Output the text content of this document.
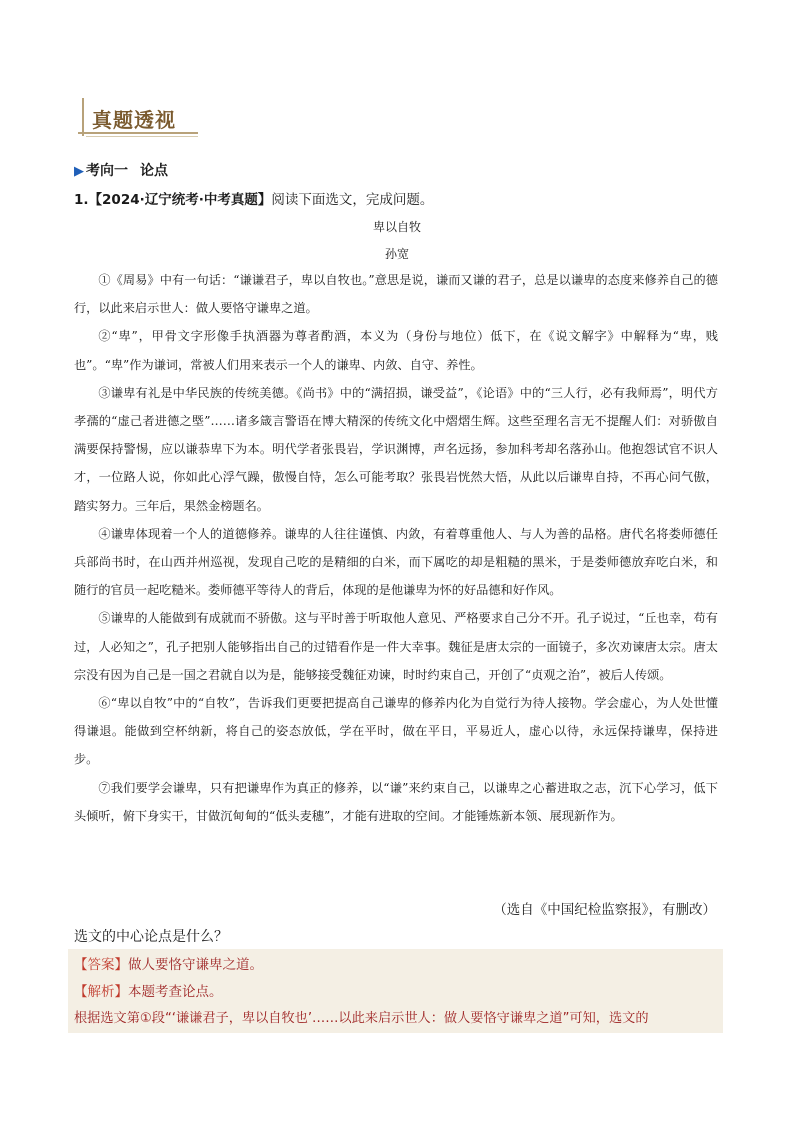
真题透视
▶ 考向一 论点
1.【2024·辽宁统考·中考真题】阅读下面选文，完成问题。
卑以自牧
孙宽

①《周易》中有一句话：“谦谦君子，卑以自牧也。”意思是说，谦而又谦的君子，总是以谦卑的态度来修养自己的德行，以此来启示世人：做人要恪守谦卑之道。

②“卑”，甲骨文字形像手执酒器为尊者酌酒，本义为（身份与地位）低下，在《说文解字》中解释为“卑，贱也”。“卑”作为谦词，常被人们用来表示一个人的谦卑、内敛、自守、养性。

③谦卑有礼是中华民族的传统美德。《尚书》中的“满招损，谦受益”，《论语》中的“三人行，必有我师焉”，明代方孝孺的“虚己者进德之塈”……诸多箴言警语在博大精深的传统文化中熠熠生辉。这些至理名言无不提醒人们：对骄傲自满要保持警惕，应以谦恭卑下为本。明代学者张畏岩，学识渊博，声名远扬，参加科考却名落孙山。他抱怨试官不识人才，一位路人说，你如此心浮气躁，傲慢自恃，怎么可能考取？张畏岩恍然大悟，从此以后谦卑自持，不再心问气傲，踏实努力。三年后，果然金榜题名。

④谦卑体现着一个人的道德修养。谦卑的人往往谨慎、内敛，有着尊重他人、与人为善的品格。唐代名将娄师德任兵部尚书时，在山西并州巡视，发现自己吃的是精细的白米，而下属吃的却是粗糙的黑米，于是娄师德放弃吃白米，和随行的官员一起吃糙米。娄师德平等待人的背后，体现的是他谦卑为怀的好品德和好作风。

⑤谦卑的人能做到有成就而不骄傲。这与平时善于听取他人意见、严格要求自己分不开。孔子说过，“丘也幸，苟有过，人必知之”，孔子把别人能够指出自己的过错看作是一件大幸事。魏征是唐太宗的一面镜子，多次劝谏唐太宗。唐太宗没有因为自己是一国之君就自以为是，能够接受魏征劝谏，时时约束自己，开创了“贞观之治”，被后人传颂。

⑥“卑以自牧”中的“自牧”，告诉我们更要把提高自己谦卑的修养内化为自觉行为待人接物。学会虚心，为人处世懂得谦退。能做到空杯纳新，将自己的姿态放低，学在平时，做在平日，平易近人，虚心以待，永远保持谦卑，保持进步。

⑦我们要学会谦卑，只有把谦卑作为真正的修养，以“谦”来约束自己，以谦卑之心蓄进取之志，沉下心学习，低下头倾听，俯下身实干，甘做沉甸甸的“低头麦穗”，才能有进取的空间。才能锤炼新本领、展现新作为。

（选自《中国纪检监察报》，有删改）
选文的中心论点是什么？
【答案】做人要恪守谦卑之道。
【解析】本题考查论点。
根据选文第①段“‘谦谦君子，卑以自牧也’……以此来启示世人：做人要恪守谦卑之道”可知，选文的
